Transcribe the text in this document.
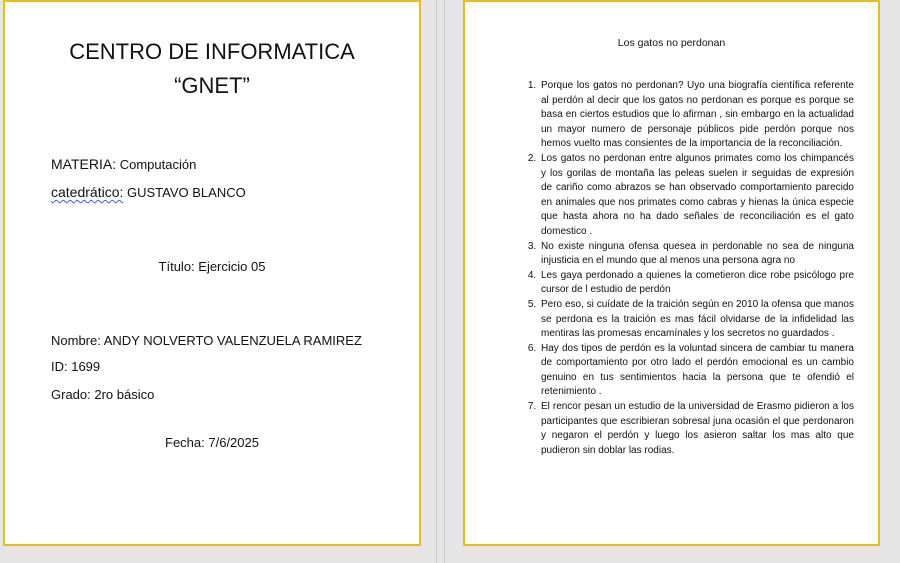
CENTRO DE INFORMATICA
“GNET”
MATERIA: Computación
catedrático: GUSTAVO BLANCO
Título: Ejercicio 05
Nombre: ANDY NOLVERTO VALENZUELA RAMIREZ
ID: 1699
Grado: 2ro básico
Fecha: 7/6/2025
Los gatos no perdonan
1. Porque los gatos no perdonan? Uyo una biografía científica referente al perdón al decir que los gatos no perdonan es porque es porque se basa en ciertos estudios que lo afirman , sin embargo en la actualidad un mayor numero de personaje públicos pide perdón porque nos hemos vuelto mas consientes de la importancia de la reconciliación.
2. Los gatos no perdonan entre algunos primates como los chimpancés y los gorilas de montaña las peleas suelen ir seguidas de expresión de cariño como abrazos se han observado comportamiento parecido en animales que nos primates como cabras y hienas la única especie que hasta ahora no ha dado señales de reconciliación es el gato domestico .
3. No existe ninguna ofensa quesea in perdonable no sea de ninguna injusticia en el mundo que al menos una persona agra no
4. Les gaya perdonado a quienes la cometieron dice robe psicólogo pre cursor de l estudio de perdón
5. Pero eso, si cuídate de la traición según en 2010 la ofensa que manos se perdona es la traición es mas fácil olvidarse de la infidelidad las mentiras las promesas encamínales y los secretos no guardados .
6. Hay dos tipos de perdón es la voluntad sincera de cambiar tu manera de comportamiento por otro lado el perdón emocional es un cambio genuino en tus sentimientos hacia la persona que te ofendió el retenimiento .
7. El rencor pesan un estudio de la universidad de Erasmo pidieron a los participantes que escribieran sobresal juna ocasión el que perdonaron y negaron el perdón y luego los asieron saltar los mas alto que pudieron sin doblar las rodias.
